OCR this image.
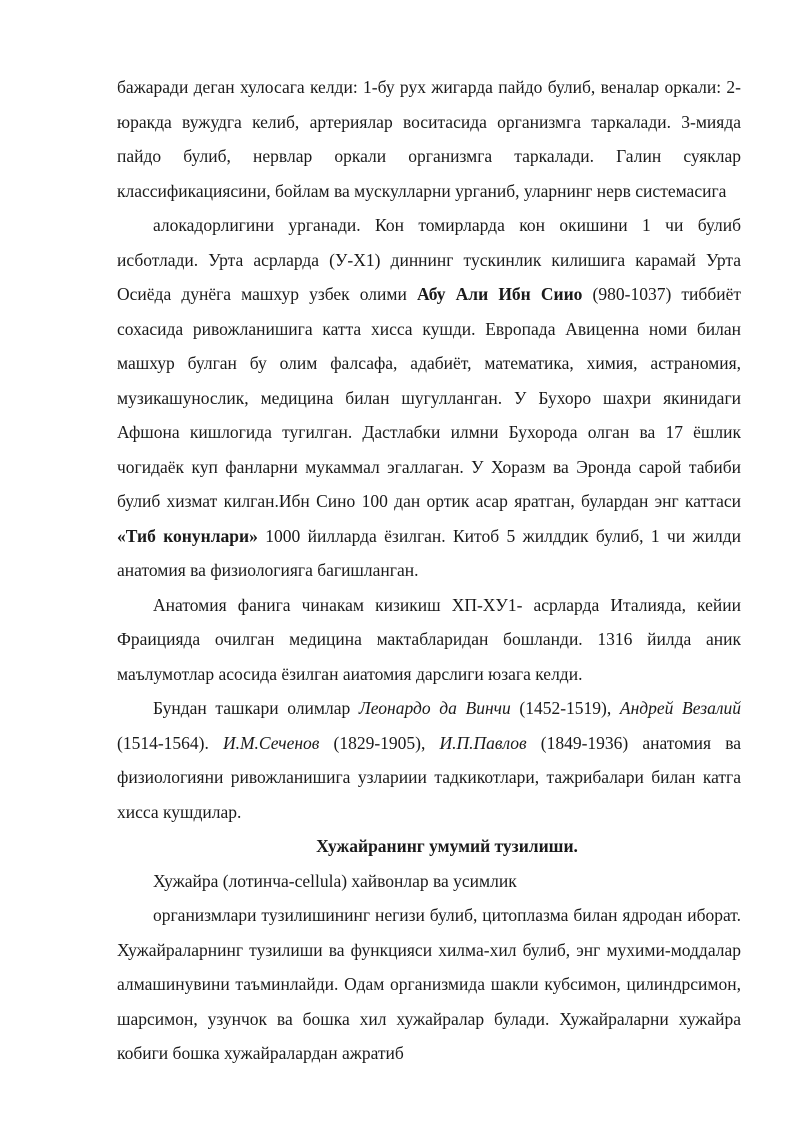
бажаради деган хулосага келди: 1-бу рух жигарда пайдо булиб, веналар оркали: 2-юракда вужудга келиб, артериялар воситасида организмга таркалади. 3-мияда пайдо булиб, нервлар оркали организмга таркалади. Галин суяклар классификациясини, бойлам ва мускулларни урганиб, уларнинг нерв системасига

алокадорлигини урганади. Кон томирларда кон окишини 1 чи булиб исботлади. Урта асрларда (У-Х1) диннинг тускинлик килишига карамай Урта Осиёда дунёга машхур узбек олими Абу Али Ибн Сиио (980-1037) тиббиёт сохасида ривожланишига катта хисса кушди. Европада Авиценна номи билан машхур булган бу олим фалсафа, адабиёт, математика, химия, астраномия, музикашунослик, медицина билан шугулланган. У Бухоро шахри якинидаги Афшона кишлогида тугилган. Дастлабки илмни Бухорода олган ва 17 ёшлик чогидаёк куп фанларни мукаммал эгаллаган. У Хоразм ва Эронда сарой табиби булиб хизмат килган.Ибн Сино 100 дан ортик асар яратган, булардан энг каттаси «Тиб конунлари» 1000 йилларда ёзилган. Китоб 5 жилддик булиб, 1 чи жилди анатомия ва физиологияга багишланган.

Анатомия фанига чинакам кизикиш ХП-ХУ1- асрларда Италияда, кейии Фраицияда очилган медицина мактабларидан бошланди. 1316 йилда аник маълумотлар асосида ёзилган аиатомия дарслиги юзага келди.

Бундан ташкари олимлар Леонардо да Винчи (1452-1519), Андрей Везалий (1514-1564). И.М.Сеченов (1829-1905), И.П.Павлов (1849-1936) анатомия ва физиологияни ривожланишига узлариии тадкикотлари, тажрибалари билан катга хисса кушдилар.

Хужайранинг умумий тузилиши.

Хужайра (лотинча-cellula) хайвонлар ва усимлик

организмлари тузилишининг негизи булиб, цитоплазма билан ядродан иборат. Хужайраларнинг тузилиши ва функцияси хилма-хил булиб, энг мухими-моддалар алмашинувини таъминлайди. Одам организмида шакли кубсимон, цилиндрсимон, шарсимон, узунчок ва бошка хил хужайралар булади. Хужайраларни хужайра кобиги бошка хужайралардан ажратиб
